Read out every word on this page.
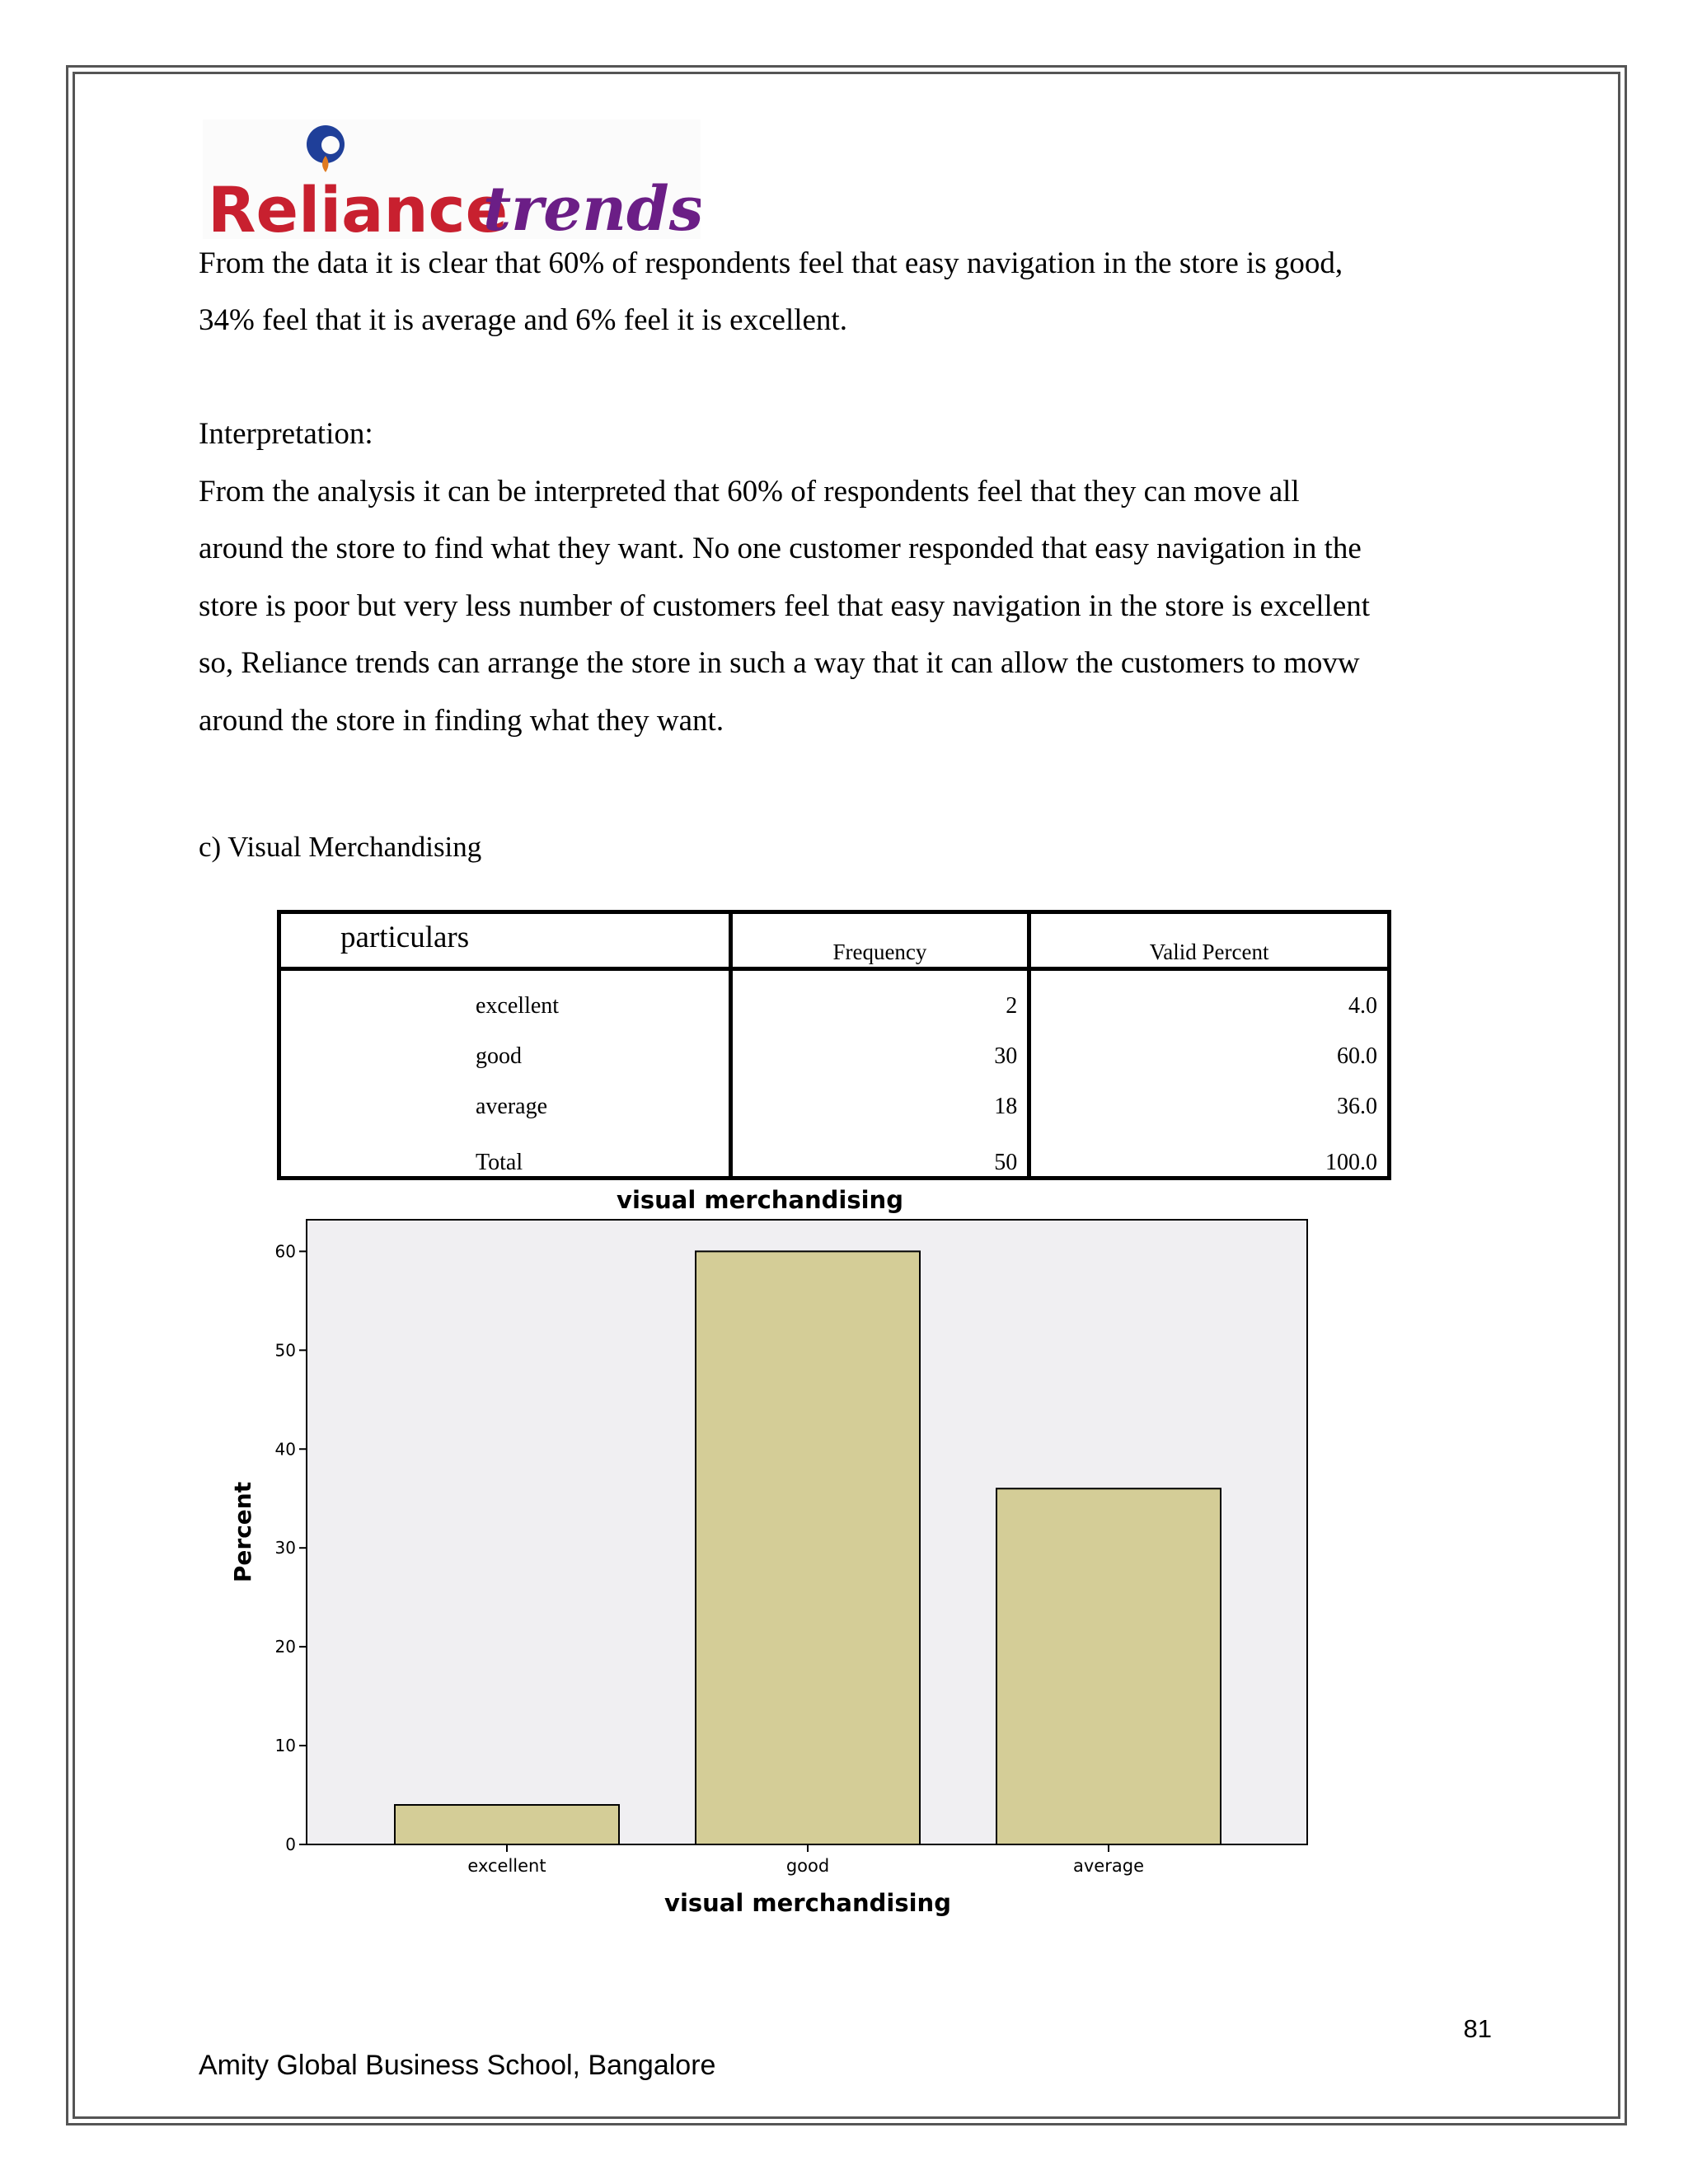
Reliance
trends
From the data it is clear that 60% of respondents feel that easy navigation in the store is good,
34% feel that it is average and 6% feel it is excellent.
Interpretation:
From the analysis it can be interpreted that 60% of respondents feel that they can move all
around the store to find what they want. No one customer responded that easy navigation in the
store is poor but very less number of customers feel that easy navigation in the store is excellent
so, Reliance trends can arrange the store in such a way that it can allow the customers to movw
around the store in finding what they want.
c) Visual Merchandising
particulars	Frequency	Valid Percent
excellent	2	4.0
good	30	60.0
average	18	36.0
Total	50	100.0
visual merchandising
0
10
20
30
40
50
60
excellent	good	average
Percent
visual merchandising
81
Amity Global Business School, Bangalore
